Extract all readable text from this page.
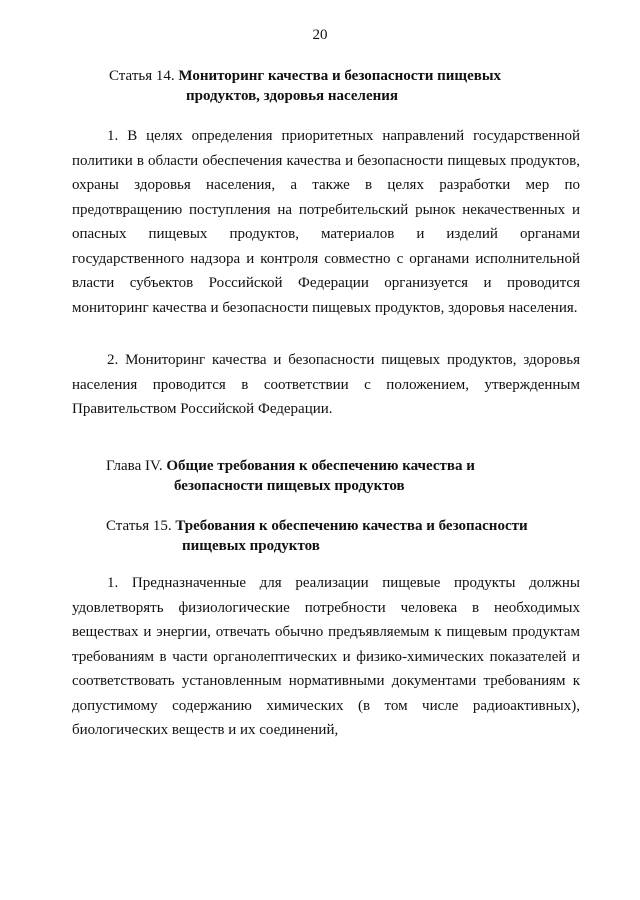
20
Статья 14. Мониторинг качества и безопасности пищевых
продуктов, здоровья населения
1. В целях определения приоритетных направлений государственной политики в области обеспечения качества и безопасности пищевых продуктов, охраны здоровья населения, а также в целях разработки мер по предотвращению поступления на потребительский рынок некачественных и опасных пищевых продуктов, материалов и изделий органами государственного надзора и контроля совместно с органами исполнительной власти субъектов Российской Федерации организуется и проводится мониторинг качества и безопасности пищевых продуктов, здоровья населения.
2. Мониторинг качества и безопасности пищевых продуктов, здоровья населения проводится в соответствии с положением, утвержденным Правительством Российской Федерации.
Глава IV. Общие требования к обеспечению качества и
безопасности пищевых продуктов
Статья 15. Требования к обеспечению качества и безопасности
пищевых продуктов
1. Предназначенные для реализации пищевые продукты должны удовлетворять физиологические потребности человека в необходимых веществах и энергии, отвечать обычно предъявляемым к пищевым продуктам требованиям в части органолептических и физико-химических показателей и соответствовать установленным нормативными документами требованиям к допустимому содержанию химических (в том числе радиоактивных), биологических веществ и их соединений,
